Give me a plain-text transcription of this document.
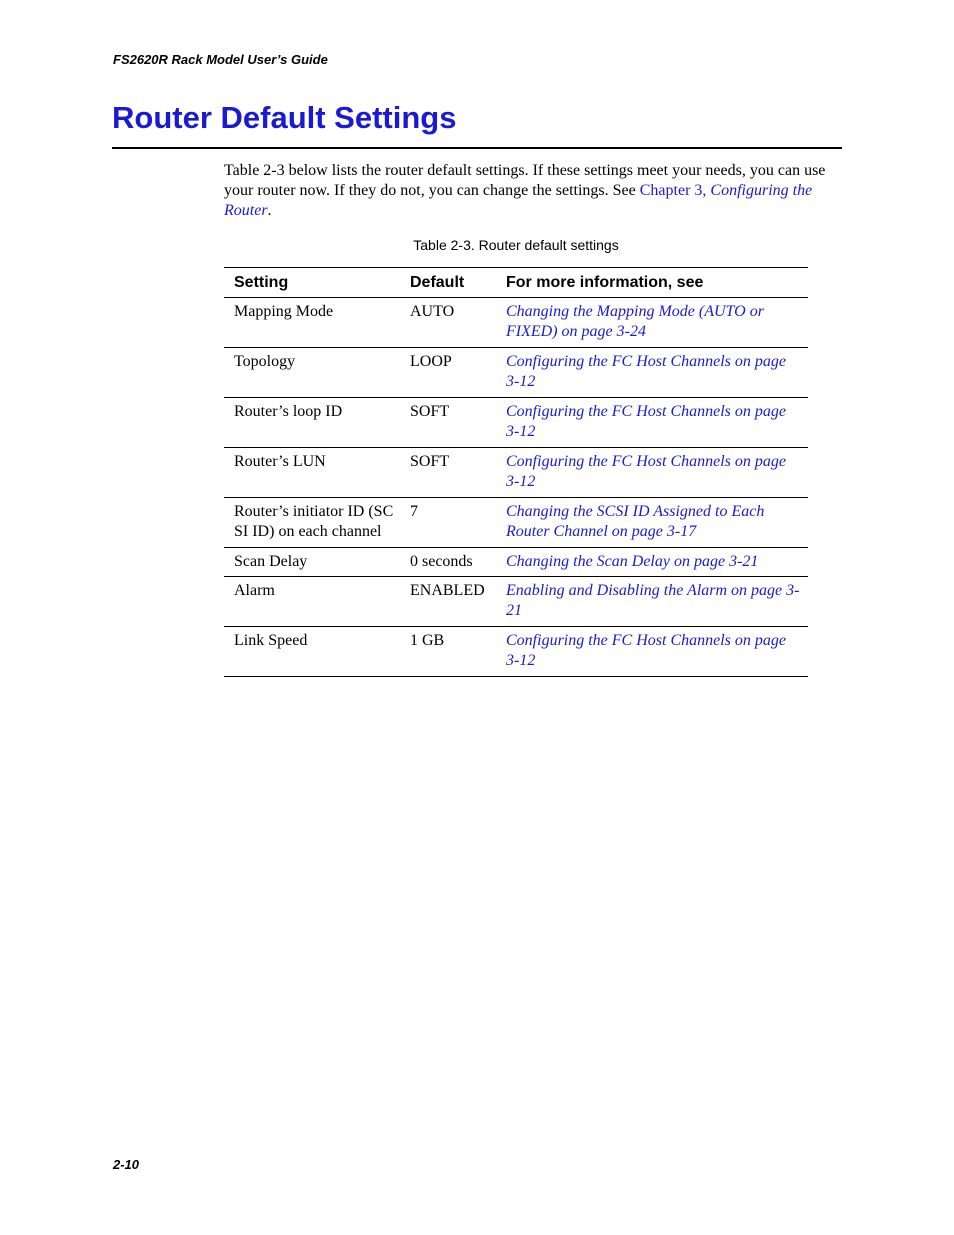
FS2620R Rack Model User’s Guide
Router Default Settings

Table 2-3 below lists the router default settings. If these settings meet your needs, you can use your router now. If they do not, you can change the settings. See Chapter 3, Configuring the Router.

Table 2-3. Router default settings
Setting	Default	For more information, see
Mapping Mode	AUTO	Changing the Mapping Mode (AUTO or FIXED) on page 3-24
Topology	LOOP	Configuring the FC Host Channels on page 3-12
Router’s loop ID	SOFT	Configuring the FC Host Channels on page 3-12
Router’s LUN	SOFT	Configuring the FC Host Channels on page 3-12
Router’s initiator ID (SCSI ID) on each channel	7	Changing the SCSI ID Assigned to Each Router Channel on page 3-17
Scan Delay	0 seconds	Changing the Scan Delay on page 3-21
Alarm	ENABLED	Enabling and Disabling the Alarm on page 3-21
Link Speed	1 GB	Configuring the FC Host Channels on page 3-12
2-10
